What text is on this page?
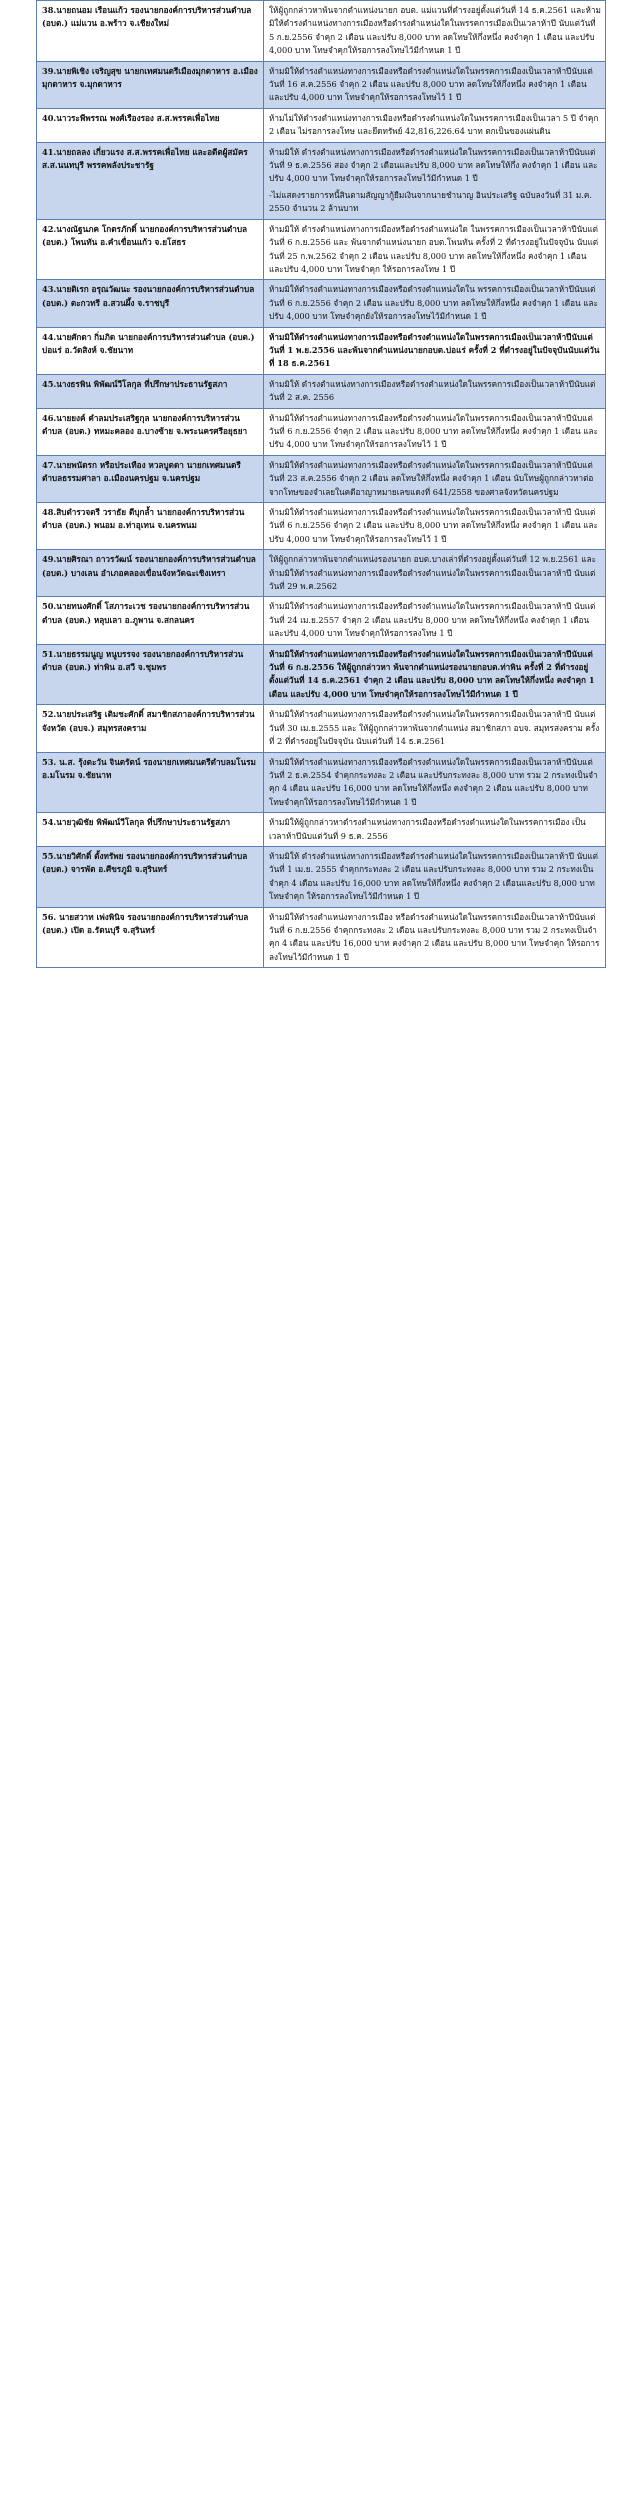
38.นายถนอม เรือนแก้ว รองนายกองค์การบริหารส่วนตำบล (อบต.) แม่แวน อ.พร้าว จ.เชียงใหม่	ให้ผู้ถูกกล่าวหาพ้นจากตำแหน่งนายก อบต. แม่แวนที่ดำรงอยู่ตั้งแต่วันที่ 14 ธ.ค.2561 และห้ามมิให้ดำรงตำแหน่งทางการเมืองหรือดำรงตำแหน่งใดในพรรคการเมืองเป็นเวลาห้าปี นับแต่วันที่ 5 ก.ย.2556 จำคุก 2 เดือน และปรับ 8,000 บาท ลดโทษให้กึ่งหนึ่ง คงจำคุก 1 เดือน และปรับ 4,000 บาท โทษจำคุกให้รอการลงโทษไว้มีกำหนด 1 ปี

39.นายพิเชิง เจริญสุข นายกเทศมนตรีเมืองมุกดาหาร อ.เมืองมุกดาหาร จ.มุกดาหาร	ห้ามมิให้ดำรงตำแหน่งทางการเมืองหรือดำรงตำแหน่งใดในพรรคการเมืองเป็นเวลาห้าปีนับแต่วันที่ 16 ส.ค.2556 จำคุก 2 เดือน และปรับ 8,000 บาท ลดโทษให้กึ่งหนึ่ง คงจำคุก 1 เดือน และปรับ 4,000 บาท โทษจำคุกให้รอการลงโทษไว้ 1 ปี

40.นาวระพีพรรณ พงศ์เรืองรอง ส.ส.พรรคเพื่อไทย	ห้ามไม่ให้ดำรงตำแหน่งทางการเมืองหรือดำรงตำแหน่งใดในพรรคการเมืองเป็นเวลา 5 ปี จำคุก 2 เดือน ไม่รอการลงโทษ และยึดทรัพย์ 42,816,226.64 บาท ตกเป็นของแผ่นดิน

41.นายถลลง เกี่ยวแรง ส.ส.พรรคเพื่อไทย และอดีตผู้สมัคร ส.ส.นนทบุรี พรรคพลังประชารัฐ	ห้ามมิให้ ดำรงตำแหน่งทางการเมืองหรือดำรงตำแหน่งใดในพรรคการเมืองเป็นเวลาห้าปีนับแต่วันที่ 9 ธ.ค.2556 สอง จำคุก 2 เดือนและปรับ 8,000 บาท ลดโทษให้กึ่ง คงจำคุก 1 เดือน และปรับ 4,000 บาท โทษจำคุกให้รอการลงโทษไว้มีกำหนด 1 ปี
-ไม่แสดงรายการหนี้สินตามสัญญากู้ยืมเงินจากนายชำนาญ อินประเสริฐ ฉบับลงวันที่ 31 ม.ค. 2550 จำนวน 2 ล้านบาท

42.นางณัฐนภค โกตรภักดิ์ นายกองค์การบริหารส่วนตำบล (อบต.) โพนทัน อ.คำเขื่อนแก้ว จ.ยโสธร	ห้ามมิให้ ดำรงตำแหน่งทางการเมืองหรือดำรงตำแหน่งใด ในพรรคการเมืองเป็นเวลาห้าปีนับแต่วันที่ 6 ก.ย.2556 และ พ้นจากตำแหน่งนายก อบต.โพนทัน ครั้งที่ 2 ที่ดำรงอยู่ในปัจจุบัน นับแต่วันที่ 25 ก.พ.2562 จำคุก 2 เดือน และปรับ 8,000 บาท ลดโทษให้กึ่งหนึ่ง คงจำคุก 1 เดือน และปรับ 4,000 บาท โทษจำคุก ให้รอการลงโทษ 1 ปี

43.นายดิเรก อรุณวัฒนะ รองนายกองค์การบริหารส่วนตำบล (อบต.) ตะกวทรี อ.สวนผึ้ง จ.ราชบุรี	ห้ามมิให้ดำรงตำแหน่งทางการเมืองหรือดำรงตำแหน่งใดใน พรรคการเมืองเป็นเวลาห้าปีนับแต่วันที่ 6 ก.ย.2556 จำคุก 2 เดือน และปรับ 8,000 บาท ลดโทษให้กึ่งหนึ่ง คงจำคุก 1 เดือน และปรับ 4,000 บาท โทษจำคุกยังให้รอการลงโทษไว้มีกำหนด 1 ปี

44.นายศักดา กิ่มภิด นายกองค์การบริหารส่วนตำบล (อบต.) บ่อแร่ อ.วัดสิงห์ จ.ชัยนาท	ห้ามมิให้ดำรงตำแหน่งทางการเมืองหรือดำรงตำแหน่งใดในพรรคการเมืองเป็นเวลาห้าปีนับแต่วันที่ 1 พ.ย.2556 และพ้นจากตำแหน่งนายกอบต.บ่อแร่ ครั้งที่ 2 ที่ดำรงอยู่ในปัจจุบันนับแต่วันที่ 18 ธ.ค.2561

45.นางธรพิน พิพัฒน์วีโลกุล ที่ปรึกษาประธานรัฐสภา	ห้ามมิให้ ดำรงตำแหน่งทางการเมืองหรือดำรงตำแหน่งใดในพรรคการเมืองเป็นเวลาห้าปีนับแต่วันที่ 2 ส.ค. 2556

46.นายยงค์ คำลมประเสริฐกุล นายกองค์การบริหารส่วนตำบล (อบต.) ทหมะคลอง อ.บางซ้าย จ.พระนครศรีอยุธยา	ห้ามมิให้ดำรงตำแหน่งทางการเมืองหรือดำรงตำแหน่งใดในพรรคการเมืองเป็นเวลาห้าปีนับแต่วันที่ 6 ก.ย.2556 จำคุก 2 เดือน และปรับ 8,000 บาท ลดโทษให้กึ่งหนึ่ง คงจำคุก 1 เดือน และปรับ 4,000 บาท โทษจำคุกให้รอการลงโทษไว้ 1 ปี

47.นายพนัดรก หรือประเทือง หวลบูดดา นายกเทศมนตรีตำบลธรรมศาลา อ.เมืองนครปฐม จ.นครปฐม	ห้ามมิให้ดำรงตำแหน่งทางการเมืองหรือดำรงตำแหน่งใดในพรรคการเมืองเป็นเวลาห้าปีนับแต่วันที่ 23 ส.ค.2556 จำคุก 2 เดือน ลดโทษให้กึ่งหนึ่ง คงจำคุก 1 เดือน นับโทษผู้ถูกกล่าวหาต่อจากโทษของจำเลยในคดีอาญาหมายเลขแดงที่ 641/2558 ของศาลจังหวัดนครปฐม

48.สิบตำรวจตรี วราธัย ดีบุกล้ำ นายกองค์การบริหารส่วนตำบล (อบต.) พนอม อ.ท่าอุเทน จ.นครพนม	ห้ามมิให้ดำรงตำแหน่งทางการเมืองหรือดำรงตำแหน่งใดในพรรคการเมืองเป็นเวลาห้าปี นับแต่วันที่ 6 ก.ย.2556 จำคุก 2 เดือน และปรับ 8,000 บาท ลดโทษให้กึ่งหนึ่ง คงจำคุก 1 เดือน และปรับ 4,000 บาท โทษจำคุกให้รอการลงโทษไว้ 1 ปี

49.นายศิรณา ถาวรวัฒน์ รองนายกองค์การบริหารส่วนตำบล (อบต.) บางเลน อำเภอคลองเขื่อนจังหวัดฉะเชิงเทรา	ให้ผู้ถูกกล่าวหาพ้นจากตำแหน่งรองนายก อบต.บางเล่าที่ดำรงอยู่ตั้งแต่วันที่ 12 พ.ย.2561 และห้ามมิให้ดำรงตำแหน่งทางการเมืองหรือดำรงตำแหน่งใดในพรรคการเมืองเป็นเวลาห้าปี นับแต่วันที่ 29 พ.ค.2562

50.นายทนงศักดิ์ โสภาระเวช รองนายกองค์การบริหารส่วนตำบล (อบต.) หลุบเลา อ.ภูพาน จ.สกลนคร	ห้ามมิให้ดำรงตำแหน่งทางการเมืองหรือดำรงตำแหน่งใดในพรรคการเมืองเป็นเวลาห้าปี นับแต่วันที่ 24 เม.ย.2557 จำคุก 2 เดือน และปรับ 8,000 บาท ลดโทษให้กึ่งหนึ่ง คงจำคุก 1 เดือน และปรับ 4,000 บาท โทษจำคุกให้รอการลงโทษ 1 ปี

51.นายธรรมนูญ หนูบรรจง รองนายกองค์การบริหารส่วนตำบล (อบต.) ท่าพิน อ.สวี จ.ชุมพร	ห้ามมิให้ดำรงตำแหน่งทางการเมืองหรือดำรงตำแหน่งใดในพรรคการเมืองเป็นเวลาห้าปีนับแต่วันที่ 6 ก.ย.2556 ให้ผู้ถูกกล่าวหา พ้นจากตำแหน่งรองนายกอบต.ท่าพิน ครั้งที่ 2 ที่ดำรงอยู่ตั้งแต่วันที่ 14 ธ.ค.2561 จำคุก 2 เดือน และปรับ 8,000 บาท ลดโทษให้กึ่งหนึ่ง คงจำคุก 1 เดือน และปรับ 4,000 บาท โทษจำคุกให้รอการลงโทษไว้มีกำหนด 1 ปี

52.นายประเสริฐ เติมชะศักดิ์ สมาชิกสภาองค์การบริหารส่วนจังหวัด (อบจ.) สมุทรสงคราม	ห้ามมิให้ดำรงตำแหน่งทางการเมืองหรือดำรงตำแหน่งใดในพรรคการเมืองเป็นเวลาห้าปี นับแต่วันที่ 30 เม.ย.2555 และ ให้ผู้ถูกกล่าวหาพ้นจากตำแหน่ง สมาชิกสภา อบจ. สมุทรสงคราม ครั้งที่ 2 ที่ดำรงอยู่ในปัจจุบัน นับแต่วันที่ 14 ธ.ค.2561

53. น.ส. รุ้งตะวัน จินตรัตน์ รองนายกเทศมนตรีตำบลมโนรม อ.มโนรม จ.ชัยนาท	ห้ามมิให้ดำรงตำแหน่งทางการเมืองหรือดำรงตำแหน่งใดในพรรคการเมืองเป็นเวลาห้าปีนับแต่วันที่ 2 ธ.ค.2554 จำคุกกระทงละ 2 เดือน และปรับกระทงละ 8,000 บาท รวม 2 กระทงเป็นจำคุก 4 เดือน และปรับ 16,000 บาท ลดโทษให้กึ่งหนึ่ง คงจำคุก 2 เดือน และปรับ 8,000 บาท โทษจำคุกให้รอการลงโทษไว้มีกำหนด 1 ปี

54.นายวุฒิชัย พิพัฒน์วีโลกุล ที่ปรึกษาประธานรัฐสภา	ห้ามมิให้ผู้ถูกกล่าวหาดำรงตำแหน่งทางการเมืองหรือดำรงตำแหน่งใดในพรรคการเมือง เป็นเวลาห้าปีนับแต่วันที่ 9 ธ.ค. 2556

55.นายวิศักดิ์ ตั้งทรัพย รองนายกองค์การบริหารส่วนตำบล (อบต.) จารพัต อ.ศีขรภูมิ จ.สุรินทร์	ห้ามมิให้ ดำรงตำแหน่งทางการเมืองหรือดำรงตำแหน่งใดในพรรคการเมืองเป็นเวลาห้าปี นับแต่วันที่ 1 เม.ย. 2555 จำคุกกระทงละ 2 เดือน และปรับกระทงละ 8,000 บาท รวม 2 กระทงเป็นจำคุก 4 เดือน และปรับ 16,000 บาท ลดโทษให้กึ่งหนึ่ง คงจำคุก 2 เดือนและปรับ 8,000 บาท โทษจำคุก ให้รอการลงโทษไว้มีกำหนด 1 ปี

56. นายสวาท เพ่งพินิจ รองนายกองค์การบริหารส่วนตำบล (อบต.) เปิด อ.รัตนบุรี จ.สุรินทร์	ห้ามมิให้ดำรงตำแหน่งทางการเมือง หรือดำรงตำแหน่งใดในพรรคการเมืองเป็นเวลาห้าปีนับแต่วันที่ 6 ก.ย.2556 จำคุกกระทงละ 2 เดือน และปรับกระทงละ 8,000 บาท รวม 2 กระทงเป็นจำคุก 4 เดือน และปรับ 16,000 บาท คงจำคุก 2 เดือน และปรับ 8,000 บาท โทษจำคุก ให้รอการลงโทษไว้มีกำหนด 1 ปี
